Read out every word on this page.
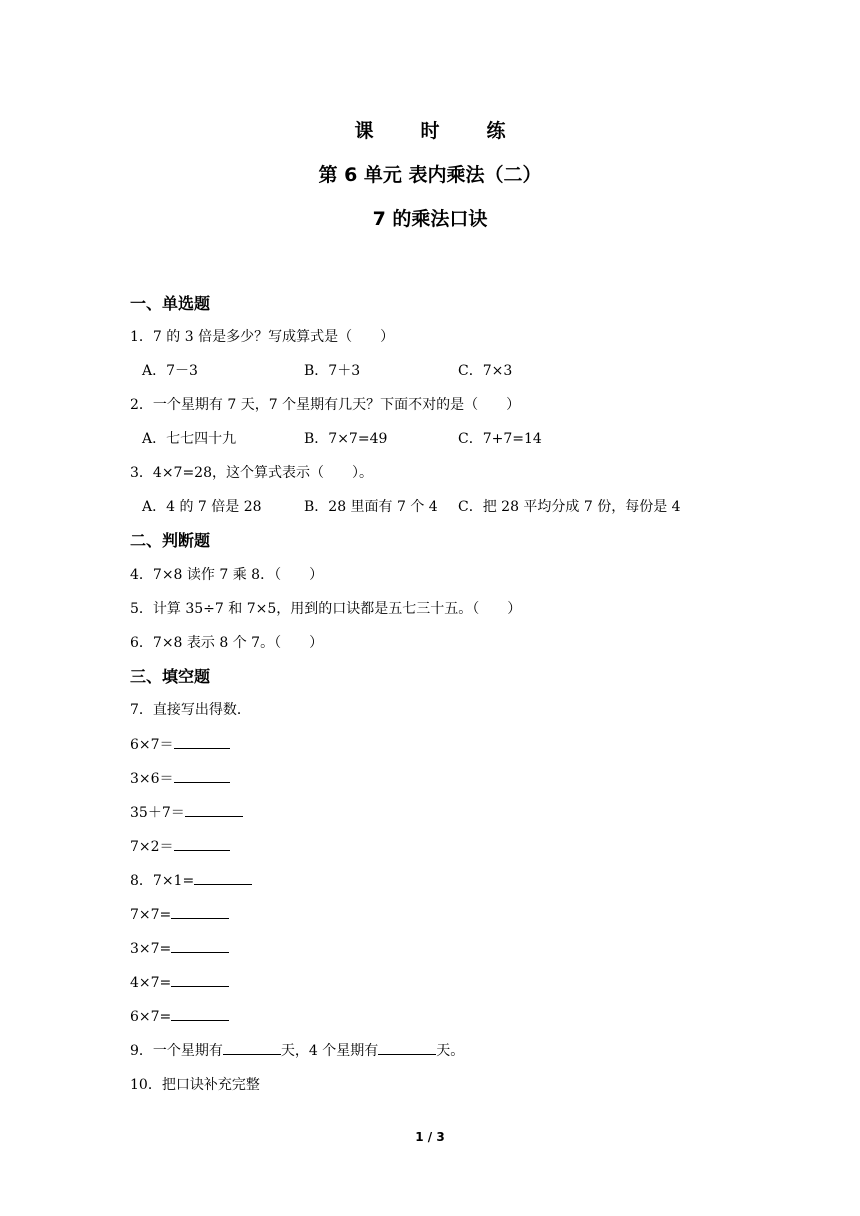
课　时　练
第 6 单元 表内乘法（二）
7 的乘法口诀
一、单选题
1．7 的 3 倍是多少？写成算式是（　　）
A．7－3	B．7＋3	C．7×3
2．一个星期有 7 天，7 个星期有几天？下面不对的是（　　）
A．七七四十九	B．7×7=49	C．7+7=14
3．4×7=28，这个算式表示（　　）。
A．4 的 7 倍是 28	B．28 里面有 7 个 4 C．把 28 平均分成 7 份，每份是 4
二、判断题
4．7×8 读作 7 乘 8．（　　）
5．计算 35÷7 和 7×5，用到的口诀都是五七三十五。（　　）
6．7×8 表示 8 个 7。（　　）
三、填空题
7．直接写出得数．
6×7＝
3×6＝
35＋7＝
7×2＝
8．7×1=
7×7=
3×7=
4×7=
6×7=
9．一个星期有	天，4 个星期有	天。
10．把口诀补充完整
1 / 3
